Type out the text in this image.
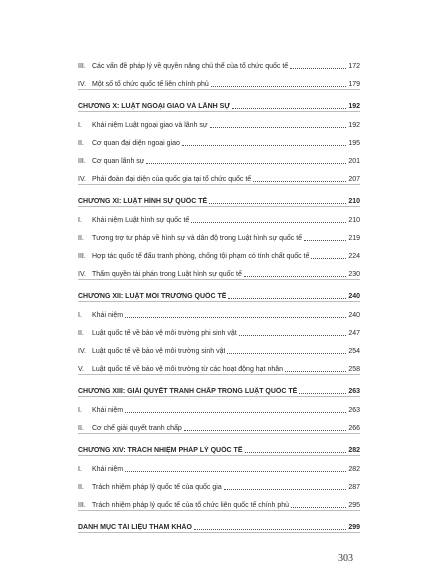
III. Các vấn đề pháp lý về quyền năng chủ thể của tổ chức quốc tế	172
IV. Một số tổ chức quốc tế liên chính phủ	179
CHƯƠNG X: LUẬT NGOẠI GIAO VÀ LÃNH SỰ	192
I.	Khái niệm Luật ngoại giao và lãnh sự	192
II.	Cơ quan đại diện ngoại giao	195
III. Cơ quan lãnh sự	201
IV. Phái đoàn đại diện của quốc gia tại tổ chức quốc tế	207
CHƯƠNG XI: LUẬT HÌNH SỰ QUỐC TẾ	210
I.	Khái niệm Luật hình sự quốc tế	210
II.	Tương trợ tư pháp về hình sự và dẫn độ trong Luật hình sự quốc tế	219
III. Hợp tác quốc tế đấu tranh phòng, chống tội phạm có tính chất quốc tế	224
IV. Thẩm quyền tài phán trong Luật hình sự quốc tế	230
CHƯƠNG XII: LUẬT MÔI TRƯỜNG QUỐC TẾ	240
I.	Khái niệm	240
II.	Luật quốc tế về bảo vệ môi trường phi sinh vật	247
IV. Luật quốc tế về bảo vệ môi trường sinh vật	254
V.	Luật quốc tế về bảo vệ môi trường từ các hoạt động hạt nhân	258
CHƯƠNG XIII: GIẢI QUYẾT TRANH CHẤP TRONG LUẬT QUỐC TẾ	263
I.	Khái niệm	263
II.	Cơ chế giải quyết tranh chấp	266
CHƯƠNG XIV: TRÁCH NHIỆM PHÁP LÝ QUỐC TẾ	282
I.	Khái niệm	282
II.	Trách nhiệm pháp lý quốc tế của quốc gia	287
III. Trách nhiệm pháp lý quốc tế của tổ chức liên quốc tế chính phủ	295
DANH MỤC TÀI LIỆU THAM KHẢO	299
303
